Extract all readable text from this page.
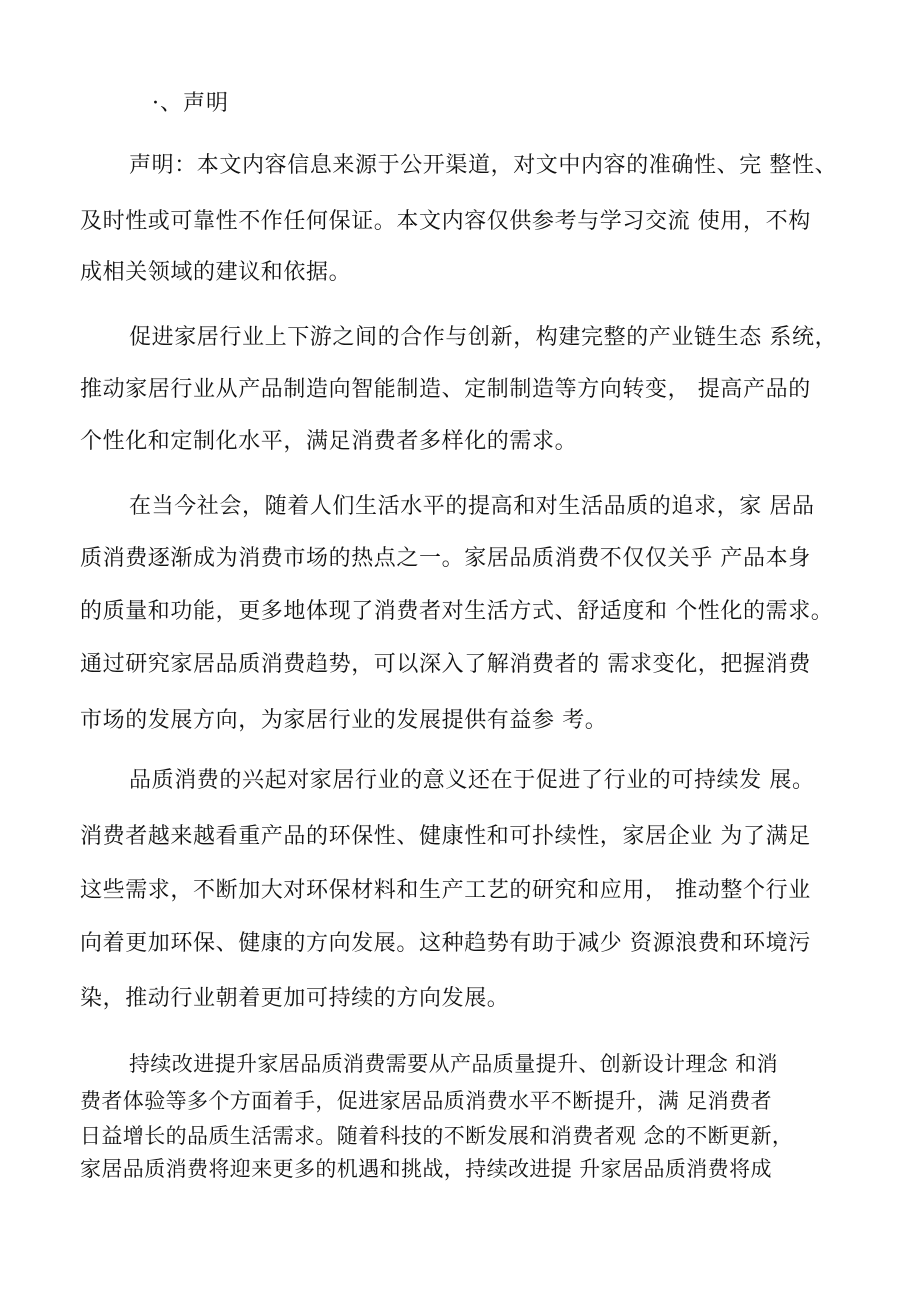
·、声明
声明：本文内容信息来源于公开渠道，对文中内容的准确性、完 整性、
及时性或可靠性不作任何保证。本文内容仅供参考与学习交流 使用，不构
成相关领域的建议和依据。
促进家居行业上下游之间的合作与创新，构建完整的产业链生态 系统，
推动家居行业从产品制造向智能制造、定制制造等方向转变， 提高产品的
个性化和定制化水平，满足消费者多样化的需求。
在当今社会，随着人们生活水平的提高和对生活品质的追求，家 居品
质消费逐渐成为消费市场的热点之一。家居品质消费不仅仅关乎 产品本身
的质量和功能，更多地体现了消费者对生活方式、舒适度和 个性化的需求。
通过研究家居品质消费趋势，可以深入了解消费者的 需求变化，把握消费
市场的发展方向，为家居行业的发展提供有益参 考。
品质消费的兴起对家居行业的意义还在于促进了行业的可持续发 展。
消费者越来越看重产品的环保性、健康性和可扑续性，家居企业 为了满足
这些需求，不断加大对环保材料和生产工艺的研究和应用， 推动整个行业
向着更加环保、健康的方向发展。这种趋势有助于减少 资源浪费和环境污
染，推动行业朝着更加可持续的方向发展。
持续改进提升家居品质消费需要从产品质量提升、创新设计理念 和消
费者体验等多个方面着手，促进家居品质消费水平不断提升，满 足消费者
日益增长的品质生活需求。随着科技的不断发展和消费者观 念的不断更新，
家居品质消费将迎来更多的机遇和挑战，持续改进提 升家居品质消费将成
